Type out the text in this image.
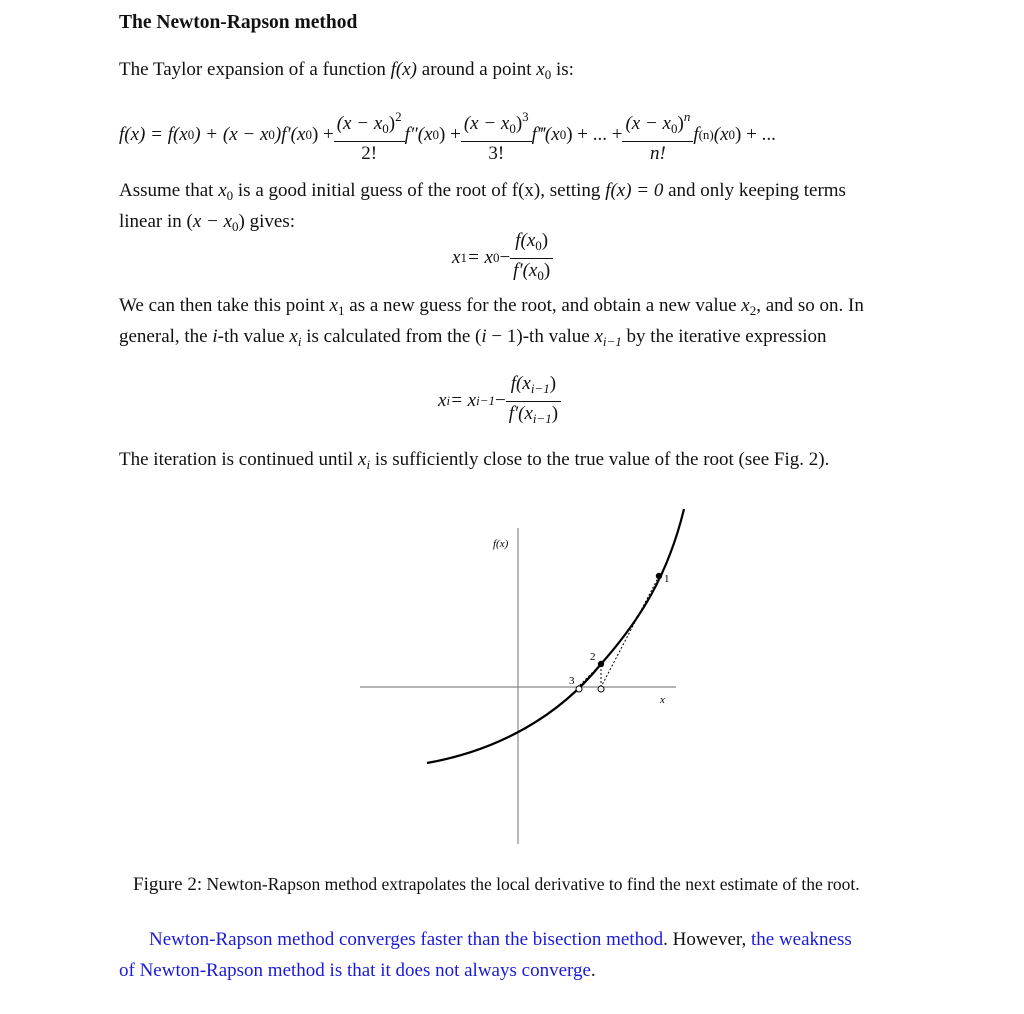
The Newton-Rapson method
The Taylor expansion of a function f(x) around a point $x_0$ is:
f(x) = f(x 0 ) + (x − x 0 )f′(x 0 ) + $\frac{(x - x_0)^2}{2!} f''(x$ 0 ) + $\frac{(x - x_0)^3}{3!}$ f‴(x 0 ) + ... + $\frac{(x - x_0)^n}{n!}$ f (n) (x 0 ) + ...
Assume that $x_0$ is a good initial guess of the root of f(x), setting f(x) = 0 and only keeping terms
linear in $(x - x_0)$ gives:
x 1 = x $0 - \frac{f(x_0)}{f'(x_0)}$
We can then take this point $x_1$ as a new guess for the root, and obtain a new value $x_2$, and so on. In
general, the i-th value $x_i$ is calculated from the (i − 1)-th value $x_{i-1}$ by the iterative expression
x i = x $i-1 - \frac{f(x_{i-1})}{f'(x_{i-1})}$
The iteration is continued until $x_i$ is sufficiently close to the true value of the root (see Fig. 2).
f(x)
x
1
2
3
Figure 2: Newton-Rapson method extrapolates the local derivative to find the next estimate of the root.
Newton-Rapson method converges faster than the bisection method. However, the weakness
of Newton-Rapson method is that it does not always converge.
